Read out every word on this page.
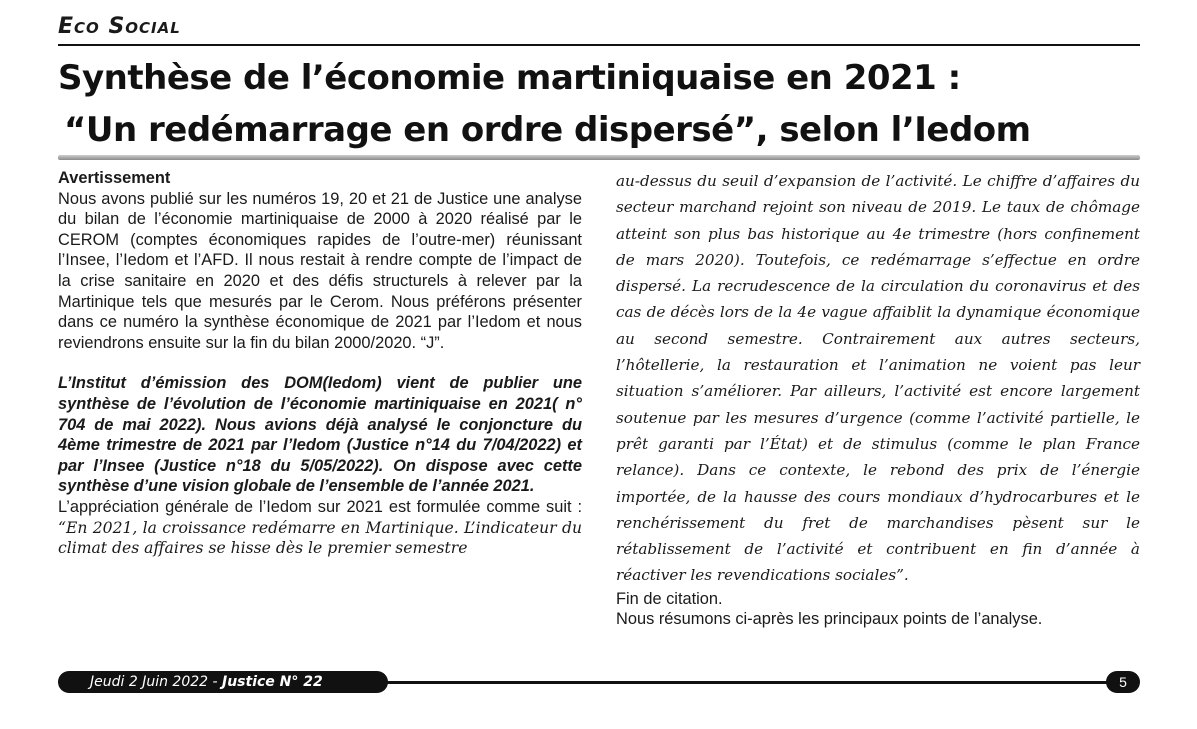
Eco Social
Synthèse de l’économie martiniquaise en 2021 :
“Un redémarrage en ordre dispersé”, selon l’Iedom

Avertissement

Nous avons publié sur les numéros 19, 20 et 21 de Justice une analyse du bilan de l’économie martiniquaise de 2000 à 2020 réalisé par le CEROM (comptes économiques rapides de l’outre-mer) réunissant l’Insee, l’Iedom et l’AFD. Il nous restait à rendre compte de l’impact de la crise sanitaire en 2020 et des défis structurels à relever par la Martinique tels que mesurés par le Cerom. Nous préférons présenter dans ce numéro la synthèse économique de 2021 par l’Iedom et nous reviendrons ensuite sur la fin du bilan 2000/2020. “J”.

L’Institut d’émission des DOM(Iedom) vient de publier une synthèse de l’évolution de l’économie martiniquaise en 2021( n° 704 de mai 2022). Nous avions déjà analysé le conjoncture du 4ème trimestre de 2021 par l’Iedom (Justice n°14 du 7/04/2022) et par l’Insee (Justice n°18 du 5/05/2022). On dispose avec cette synthèse d’une vision globale de l’ensemble de l’année 2021.

L’appréciation générale de l’Iedom sur 2021 est formulée comme suit : “En 2021, la croissance redémarre en Martinique. L’indicateur du climat des affaires se hisse dès le premier semestre

au-dessus du seuil d’expansion de l’activité. Le chiffre d’affaires du secteur marchand rejoint son niveau de 2019. Le taux de chômage atteint son plus bas historique au 4e trimestre (hors confinement de mars 2020). Toutefois, ce redémarrage s’effectue en ordre dispersé. La recrudescence de la circulation du coronavirus et des cas de décès lors de la 4e vague affaiblit la dynamique économique au second semestre. Contrairement aux autres secteurs, l’hôtellerie, la restauration et l’animation ne voient pas leur situation s’améliorer. Par ailleurs, l’activité est encore largement soutenue par les mesures d’urgence (comme l’activité partielle, le prêt garanti par l’État) et de stimulus (comme le plan France relance). Dans ce contexte, le rebond des prix de l’énergie importée, de la hausse des cours mondiaux d’hydrocarbures et le renchérissement du fret de marchandises pèsent sur le rétablissement de l’activité et contribuent en fin d’année à réactiver les revendications sociales”.

Fin de citation.

Nous résumons ci-après les principaux points de l’analyse.

Jeudi 2 Juin 2022 - Justice N° 22	5
